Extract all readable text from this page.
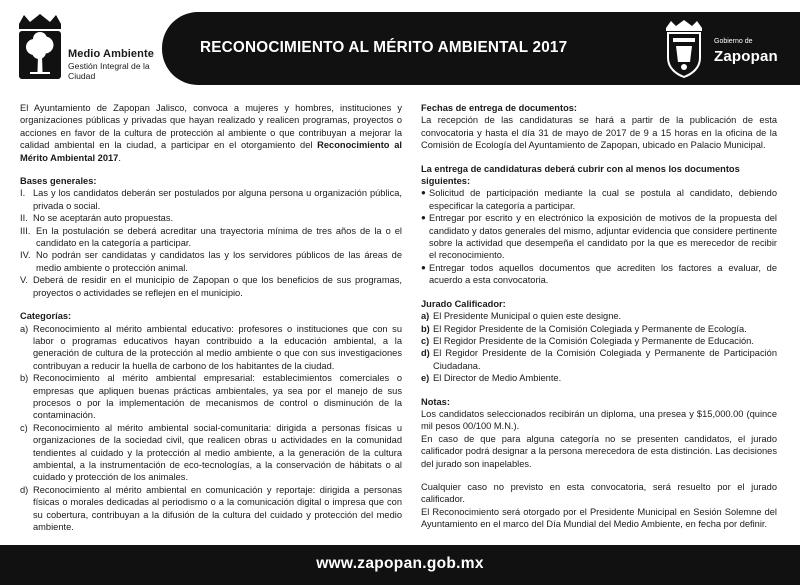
Medio Ambiente
Gestión Integral de la Ciudad
RECONOCIMIENTO AL MÉRITO AMBIENTAL 2017	Gobierno de
Zapopan

El Ayuntamiento de Zapopan Jalisco, convoca a mujeres y hombres, instituciones y organizaciones públicas y privadas que hayan realizado y realicen programas, proyectos o acciones en favor de la cultura de protección al ambiente o que contribuyan a mejorar la calidad ambiental en la ciudad, a participar en el otorgamiento del Reconocimiento al Mérito Ambiental 2017.

Bases generales:
I. Las y los candidatos deberán ser postulados por alguna persona u organización pública, privada o social.
II. No se aceptarán auto propuestas.
III. En la postulación se deberá acreditar una trayectoria mínima de tres años de la o el candidato en la categoría a participar.
IV. No podrán ser candidatas y candidatos las y los servidores públicos de las áreas de medio ambiente o protección animal.
V. Deberá de residir en el municipio de Zapopan o que los beneficios de sus programas, proyectos o actividades se reflejen en el municipio.
Categorías:
a) Reconocimiento al mérito ambiental educativo: profesores o instituciones que con su labor o programas educativos hayan contribuido a la educación ambiental, a la generación de cultura de la protección al medio ambiente o que con sus investigaciones contribuyan a reducir la huella de carbono de los habitantes de la ciudad.
b) Reconocimiento al mérito ambiental empresarial: establecimientos comerciales o empresas que apliquen buenas prácticas ambientales, ya sea por el manejo de sus procesos o por la implementación de mecanismos de control o disminución de la contaminación.
c) Reconocimiento al mérito ambiental social-comunitaria: dirigida a personas físicas u organizaciones de la sociedad civil, que realicen obras u actividades en la comunidad tendientes al cuidado y la protección al medio ambiente, a la generación de la cultura ambiental, a la instrumentación de eco-tecnologías, a la conservación de hábitats o al cuidado y protección de los animales.
d) Reconocimiento al mérito ambiental en comunicación y reportaje: dirigida a personas físicas o morales dedicadas al periodismo o a la comunicación digital o impresa que con su cobertura, contribuyan a la difusión de la cultura del cuidado y protección del medio ambiente.
Fechas de entrega de documentos:

La recepción de las candidaturas se hará a partir de la publicación de esta convocatoria y hasta el día 31 de mayo de 2017 de 9 a 15 horas en la oficina de la Comisión de Ecología del Ayuntamiento de Zapopan, ubicado en Palacio Municipal.

La entrega de candidaturas deberá cubrir con al menos los documentos siguientes:
● Solicitud de participación mediante la cual se postula al candidato, debiendo especificar la categoría a participar.
● Entregar por escrito y en electrónico la exposición de motivos de la propuesta del candidato y datos generales del mismo, adjuntar evidencia que considere pertinente sobre la actividad que desempeña el candidato por la que es merecedor de recibir el reconocimiento.
● Entregar todos aquellos documentos que acrediten los factores a evaluar, de acuerdo a esta convocatoria.
Jurado Calificador:
a) El Presidente Municipal o quien este designe.
b) El Regidor Presidente de la Comisión Colegiada y Permanente de Ecología.
c) El Regidor Presidente de la Comisión Colegiada y Permanente de Educación.
d) El Regidor Presidente de la Comisión Colegiada y Permanente de Participación Ciudadana.
e) El Director de Medio Ambiente.
Notas:

Los candidatos seleccionados recibirán un diploma, una presea y $15,000.00 (quince mil pesos 00/100 M.N.).

En caso de que para alguna categoría no se presenten candidatos, el jurado calificador podrá designar a la persona merecedora de esta distinción. Las decisiones del jurado son inapelables.

Cualquier caso no previsto en esta convocatoria, será resuelto por el jurado calificador.

El Reconocimiento será otorgado por el Presidente Municipal en Sesión Solemne del Ayuntamiento en el marco del Día Mundial del Medio Ambiente, en fecha por definir.

www.zapopan.gob.mx
